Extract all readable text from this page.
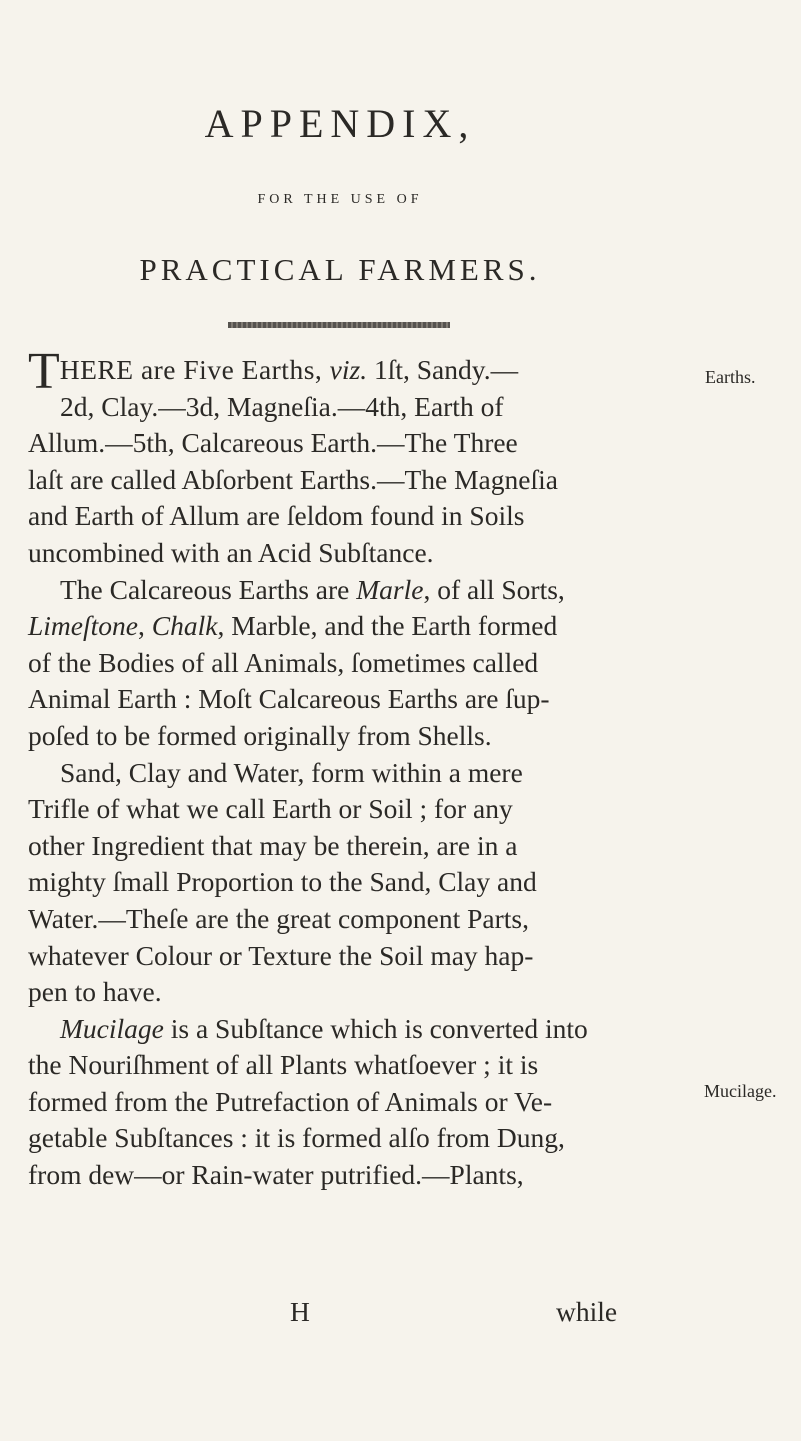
APPENDIX,
FOR THE USE OF
PRACTICAL FARMERS.
THERE are Five Earths, viz. 1ſt, Sandy.—
2d, Clay.—3d, Magneſia.—4th, Earth of
Allum.—5th, Calcareous Earth.—The Three
laſt are called Abſorbent Earths.—The Magneſia
and Earth of Allum are ſeldom found in Soils
uncombined with an Acid Subſtance.
The Calcareous Earths are Marle, of all Sorts,
Limeſtone, Chalk, Marble, and the Earth formed
of the Bodies of all Animals, ſometimes called
Animal Earth : Moſt Calcareous Earths are ſup-
poſed to be formed originally from Shells.
Sand, Clay and Water, form within a mere
Trifle of what we call Earth or Soil ; for any
other Ingredient that may be therein, are in a
mighty ſmall Proportion to the Sand, Clay and
Water.—Theſe are the great component Parts,
whatever Colour or Texture the Soil may hap-
pen to have.
Mucilage is a Subſtance which is converted into
the Nouriſhment of all Plants whatſoever ; it is
formed from the Putrefaction of Animals or Ve-
getable Subſtances : it is formed alſo from Dung,
from dew—or Rain-water putrified.—Plants,
Earths.
Mucilage.
H	while
